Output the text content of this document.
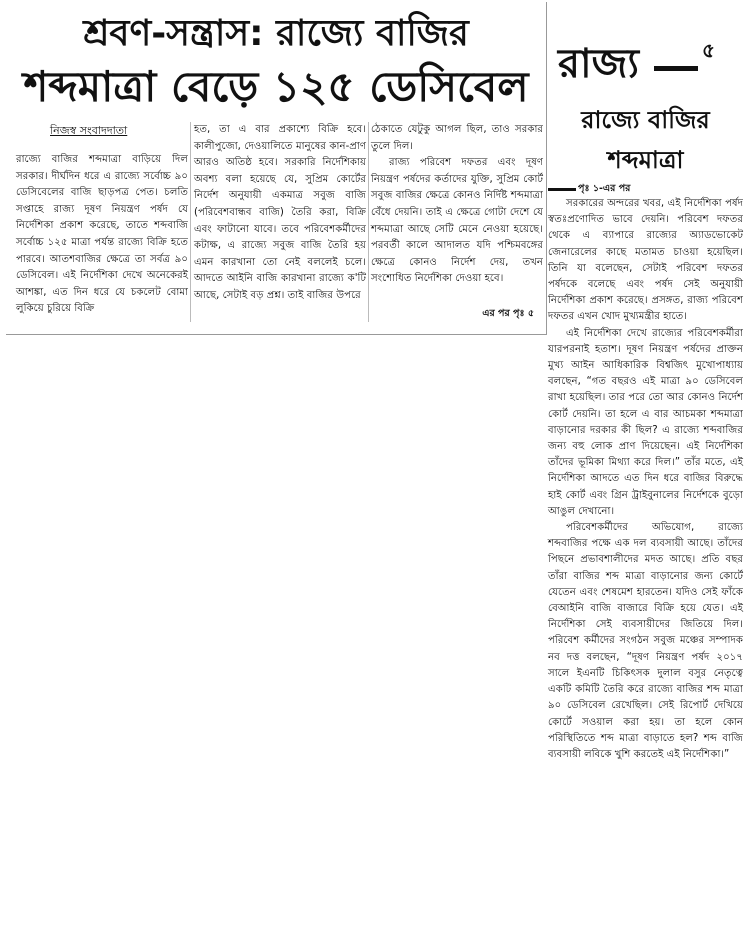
শ্রবণ-সন্ত্রাস: রাজ্যে বাজির
শব্দমাত্রা বেড়ে ১২৫ ডেসিবেল
নিজস্ব সংবাদদাতা

রাজ্যে বাজির শব্দমাত্রা বাড়িয়ে দিল সরকার। দীর্ঘদিন ধরে এ রাজ্যে সর্বোচ্চ ৯০ ডেসিবেলের বাজি ছাড়পত্র পেত। চলতি সপ্তাহে রাজ্য দূষণ নিয়ন্ত্রণ পর্ষদ যে নির্দেশিকা প্রকাশ করেছে, তাতে শব্দবাজি সর্বোচ্চ ১২৫ মাত্রা পর্যন্ত রাজ্যে বিক্রি হতে পারবে। আতশবাজির ক্ষেত্রে তা সর্বত্র ৯০ ডেসিবেল। এই নির্দেশিকা দেখে অনেকেরই আশঙ্কা, এত দিন ধরে যে চকলেট বোমা লুকিয়ে চুরিয়ে বিক্রি

হত, তা এ বার প্রকাশ্যে বিক্রি হবে। কালীপুজো, দেওয়ালিতে মানুষের কান-প্রাণ আরও অতিষ্ঠ হবে। সরকারি নির্দেশিকায় অবশ্য বলা হয়েছে যে, সুপ্রিম কোর্টের নির্দেশ অনুযায়ী একমাত্র সবুজ বাজি (পরিবেশবান্ধব বাজি) তৈরি করা, বিক্রি এবং ফাটানো যাবে। তবে পরিবেশকর্মীদের কটাক্ষ, এ রাজ্যে সবুজ বাজি তৈরি হয় এমন কারখানা তো নেই বললেই চলে। আদতে আইনি বাজি কারখানা রাজ্যে ক'টি আছে, সেটাই বড় প্রশ্ন। তাই বাজির উপরে

ঠেকাতে যেটুকু আগল ছিল, তাও সরকার তুলে দিল।

রাজ্য পরিবেশ দফতর এবং দূষণ নিয়ন্ত্রণ পর্ষদের কর্তাদের যুক্তি, সুপ্রিম কোর্ট সবুজ বাজির ক্ষেত্রে কোনও নির্দিষ্ট শব্দমাত্রা বেঁধে দেয়নি। তাই এ ক্ষেত্রে গোটা দেশে যে শব্দমাত্রা আছে সেটি মেনে নেওয়া হয়েছে। পরবর্তী কালে আদালত যদি পশ্চিমবঙ্গের ক্ষেত্রে কোনও নির্দেশ দেয়, তখন সংশোধিত নির্দেশিকা দেওয়া হবে।

এর পর পৃঃ ৫
রাজ্য	৫
রাজ্যে বাজির
শব্দমাত্রা
পৃঃ ১-এর পর

সরকারের অন্দরের খবর, এই নির্দেশিকা পর্ষদ স্বতঃপ্রণোদিত ভাবে দেয়নি। পরিবেশ দফতর থেকে এ ব্যাপারে রাজ্যের অ্যাডভোকেট জেনারেলের কাছে মতামত চাওয়া হয়েছিল। তিনি যা বলেছেন, সেটাই পরিবেশ দফতর পর্ষদকে বলেছে এবং পর্ষদ সেই অনুযায়ী নির্দেশিকা প্রকাশ করেছে। প্রসঙ্গত, রাজ্য পরিবেশ দফতর এখন খোদ মুখ্যমন্ত্রীর হাতে।

এই নির্দেশিকা দেখে রাজ্যের পরিবেশকর্মীরা যারপরনাই হতাশ। দূষণ নিয়ন্ত্রণ পর্ষদের প্রাক্তন মুখ্য আইন আধিকারিক বিশ্বজিৎ মুখোপাধ্যায় বলছেন, “গত বছরও এই মাত্রা ৯০ ডেসিবেল রাখা হয়েছিল। তার পরে তো আর কোনও নির্দেশ কোর্ট দেয়নি। তা হলে এ বার আচমকা শব্দমাত্রা বাড়ানোর দরকার কী ছিল? এ রাজ্যে শব্দবাজির জন্য বহু লোক প্রাণ দিয়েছেন। এই নির্দেশিকা তাঁদের ভূমিকা মিথ্যা করে দিল।” তাঁর মতে, এই নির্দেশিকা আদতে এত দিন ধরে বাজির বিরুদ্ধে হাই কোর্ট এবং গ্রিন ট্রাইবুনালের নির্দেশকে বুড়ো আঙুল দেখানো।

পরিবেশকর্মীদের অভিযোগ, রাজ্যে শব্দবাজির পক্ষে এক দল ব্যবসায়ী আছে। তাঁদের পিছনে প্রভাবশালীদের মদত আছে। প্রতি বছর তাঁরা বাজির শব্দ মাত্রা বাড়ানোর জন্য কোর্টে যেতেন এবং শেষমেশ হারতেন। যদিও সেই ফাঁকে বেআইনি বাজি বাজারে বিক্রি হয়ে যেত। এই নির্দেশিকা সেই ব্যবসায়ীদের জিতিয়ে দিল। পরিবেশ কর্মীদের সংগঠন সবুজ মঞ্চের সম্পাদক নব দত্ত বলছেন, “দূষণ নিয়ন্ত্রণ পর্ষদ ২০১৭ সালে ইএনটি চিকিৎসক দুলাল বসুর নেতৃত্বে একটি কমিটি তৈরি করে রাজ্যে বাজির শব্দ মাত্রা ৯০ ডেসিবেল রেখেছিল। সেই রিপোর্ট দেখিয়ে কোর্টে সওয়াল করা হয়। তা হলে কোন পরিস্থিতিতে শব্দ মাত্রা বাড়াতে হল? শব্দ বাজি ব্যবসায়ী লবিকে খুশি করতেই এই নির্দেশিকা।”
